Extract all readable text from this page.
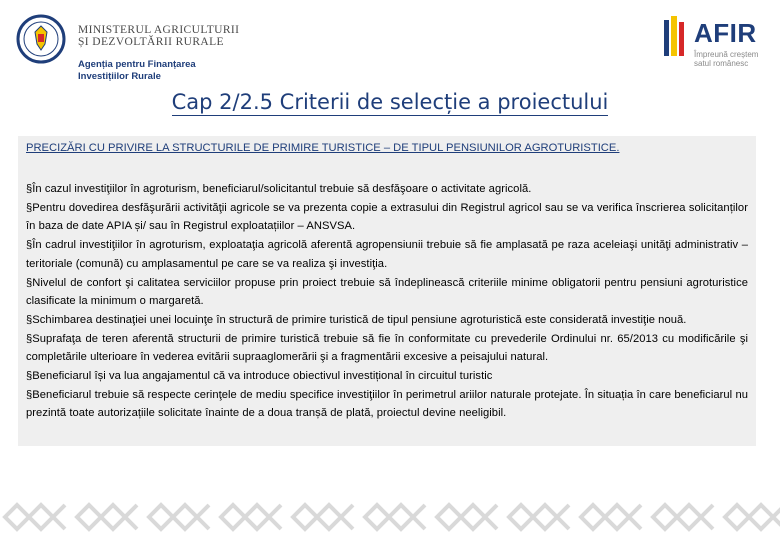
MINISTERUL AGRICULTURII
ȘI DEZVOLTĂRII RURALE
Agenția pentru Finanțarea
Investițiilor Rurale
AFIR
Împreună creștem satul românesc
Cap 2/2.5 Criterii de selecție a proiectului

PRECIZĂRI CU PRIVIRE LA STRUCTURILE DE PRIMIRE TURISTICE – DE TIPUL PENSIUNILOR AGROTURISTICE.

§În cazul investiţiilor în agroturism, beneficiarul/solicitantul trebuie să desfăşoare o activitate agricolă.
§Pentru dovedirea desfăşurării activităţii agricole se va prezenta copie a extrasului din Registrul agricol sau se va verifica înscrierea solicitanților în baza de date APIA și/ sau în Registrul exploatațiilor – ANSVSA.
§În cadrul investiţiilor în agroturism, exploataţia agricolă aferentă agropensiunii trebuie să fie amplasată pe raza aceleiaşi unităţi administrativ – teritoriale (comună) cu amplasamentul pe care se va realiza şi investiţia.
§Nivelul de confort şi calitatea serviciilor propuse prin proiect trebuie să îndeplinească criteriile minime obligatorii pentru pensiuni agroturistice clasificate la minimum o margaretă.
§Schimbarea destinaţiei unei locuinţe în structură de primire turistică de tipul pensiune agroturistică este considerată investiţie nouă.
§Suprafaţa de teren aferentă structurii de primire turistică trebuie să fie în conformitate cu prevederile Ordinului nr. 65/2013 cu modificările şi completările ulterioare în vederea evitării supraaglomerării şi a fragmentării excesive a peisajului natural.
§Beneficiarul își va lua angajamentul că va introduce obiectivul investițional în circuitul turistic
§Beneficiarul trebuie să respecte cerinţele de mediu specifice investiţiilor în perimetrul ariilor naturale protejate. În situația în care beneficiarul nu prezintă toate autorizațiile solicitate înainte de a doua tranșă de plată, proiectul devine neeligibil.
